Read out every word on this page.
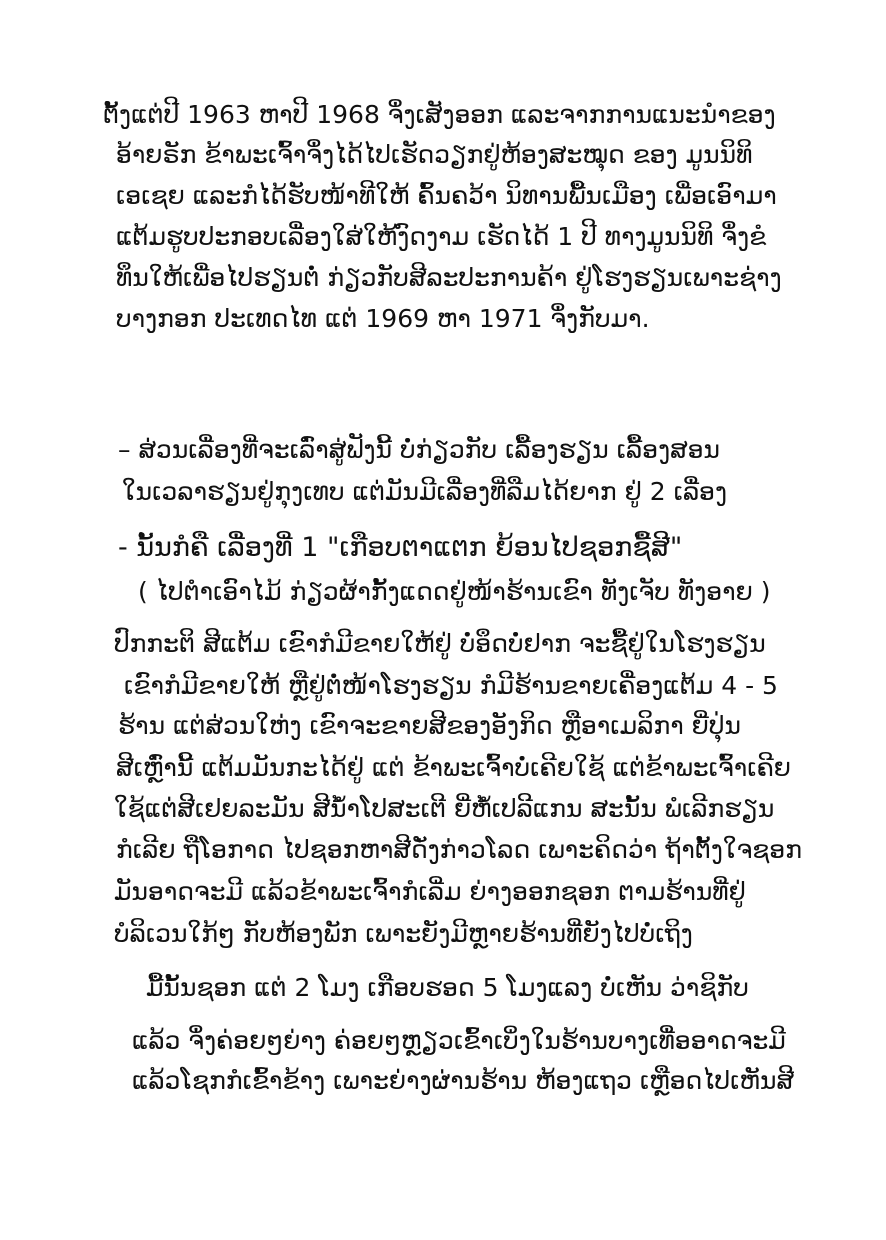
ຕັ້ງແຕ່ປີ 1963 ຫາປີ 1968 ຈຶ່ງເສັງອອກ ແລະຈາກການແນະນຳຂອງ
ອ້າຍຣັກ ຂ້າພະເຈົ້າຈຶ່ງໄດ້ໄປເຮັດວຽກຢູ່ຫ້ອງສະໝຸດ ຂອງ ມູນນິທິ
ເອເຊຍ ແລະກໍໄດ້ຮັບໜ້າທີໃຫ້ ຄົ້ນຄວ້າ ນິທານພື້ນເມືອງ ເພື່ອເອົາມາ
ແຕ້ມຮູບປະກອບເລື່ອງໃສ່ໃຫ້ງົດງາມ ເຮັດໄດ້ 1 ປີ ທາງມູນນິທິ ຈຶ່ງຂໍ
ທຶນໃຫ້ເພື່ອໄປຮຽນຕໍ່ ກ່ຽວກັບສີລະປະການຄ້າ ຢູ່ໂຮງຮຽນເພາະຊ່າງ
ບາງກອກ ປະເທດໄທ ແຕ່ 1969 ຫາ 1971 ຈຶ່ງກັບມາ.
– ສ່ວນເລື່ອງທີ່ຈະເລົ່າສູ່ຟັງນີ້ ບໍ່ກ່ຽວກັບ ເລື້ອງຮຽນ ເລື້ອງສອນ
ໃນເວລາຮຽນຢູ່ກຸງເທບ ແຕ່ມັນມີເລື່ອງທີ່ລືມໄດ້ຍາກ ຢູ່ 2 ເລື່ອງ
- ນັ້ນກໍຄື ເລື່ອງທີ່ 1 "ເກືອບຕາແຕກ ຍ້ອນໄປຊອກຊື້ສີ"
( ໄປຕຳເອົາໄມ້ ກ່ຽວຜ້າກັ້ງແດດຢູ່ໜ້າຮ້ານເຂົາ ທັງເຈັບ ທັງອາຍ )
ປົກກະຕິ ສີແຕ້ມ ເຂົາກໍມີຂາຍໃຫ້ຢູ່ ບໍ່ອຶດບໍ່ຢາກ ຈະຊື້ຢູ່ໃນໂຮງຮຽນ
ເຂົາກໍມີຂາຍໃຫ້ ຫຼືຢູ່ຕໍ່ໜ້າໂຮງຮຽນ ກໍມີຮ້ານຂາຍເຄື່ອງແຕ້ມ 4 - 5
ຮ້ານ ແຕ່ສ່ວນໃຫ່ງ ເຂົາຈະຂາຍສີຂອງອັງກິດ ຫຼືອາເມລິກາ ຍີ່ປຸ່ນ
ສີເຫຼົ່ານີ້ ແຕ້ມມັນກະໄດ້ຢູ່ ແຕ່ ຂ້າພະເຈົ້າບໍ່ເຄີຍໃຊ້ ແຕ່ຂ້າພະເຈົ້າເຄີຍ
ໃຊ້ແຕ່ສີເຢຍລະມັນ ສີນ້ຳໂປສະເຕີ ຍີ່ຫໍ້ເປລີແກນ ສະນັ້ນ ພໍເລີກຮຽນ
ກໍເລີຍ ຖືໂອກາດ ໄປຊອກຫາສີດັ່ງກ່າວໂລດ ເພາະຄິດວ່າ ຖ້າຕັ້ງໃຈຊອກ
ມັນອາດຈະມີ ແລ້ວຂ້າພະເຈົ້າກໍເລີ່ມ ຍ່າງອອກຊອກ ຕາມຮ້ານທີ່ຢູ່
ບໍລິເວນໃກ້ໆ ກັບຫ້ອງພັກ ເພາະຍັງມີຫຼາຍຮ້ານທີ່ຍັງໄປບໍ່ເຖິງ
ມື້ນັ້ນຊອກ ແຕ່ 2 ໂມງ ເກືອບຮອດ 5 ໂມງແລງ ບໍ່ເຫັນ ວ່າຊິກັບ
ແລ້ວ ຈຶ່ງຄ່ອຍໆຍ່າງ ຄ່ອຍໆຫຼຽວເຂົ້າເບິ່ງໃນຮ້ານບາງເທື່ອອາດຈະມີ
ແລ້ວໂຊກກໍເຂົ້າຂ້າງ ເພາະຍ່າງຜ່ານຮ້ານ ຫ້ອງແຖວ ເຫຼືອດໄປເຫັນສີ
